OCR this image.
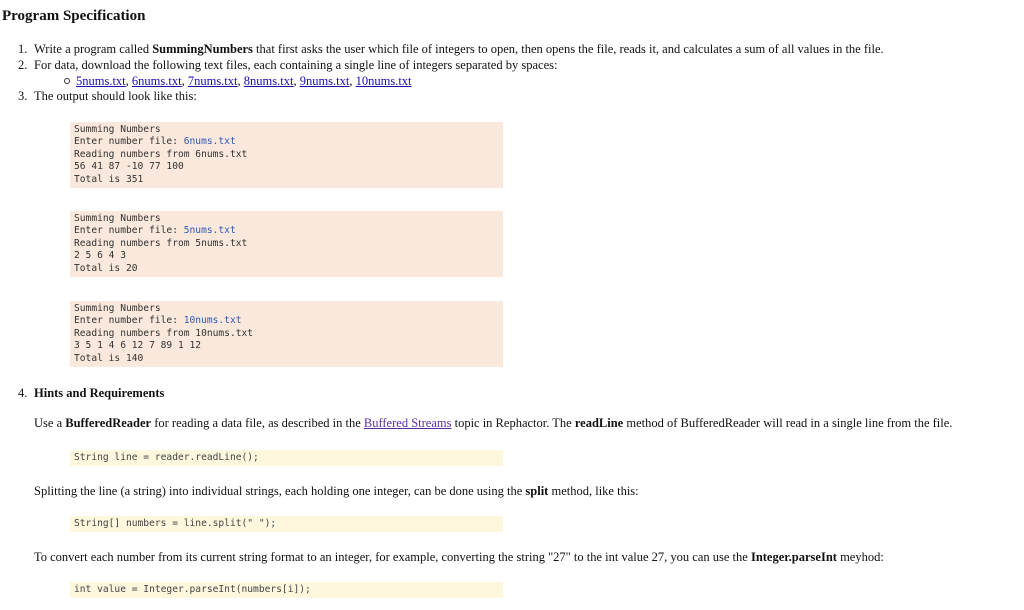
Program Specification
1. Write a program called SummingNumbers that first asks the user which file of integers to open, then opens the file, reads it, and calculates a sum of all values in the file.
2. For data, download the following text files, each containing a single line of integers separated by spaces:
5nums.txt, 6nums.txt, 7nums.txt, 8nums.txt, 9nums.txt, 10nums.txt
3. The output should look like this:
Summing Numbers
Enter number file: 6nums.txt
Reading numbers from 6nums.txt
56 41 87 -10 77 100
Total is 351
Summing Numbers
Enter number file: 5nums.txt
Reading numbers from 5nums.txt
2 5 6 4 3
Total is 20
Summing Numbers
Enter number file: 10nums.txt
Reading numbers from 10nums.txt
3 5 1 4 6 12 7 89 1 12
Total is 140
4. Hints and Requirements
Use a BufferedReader for reading a data file, as described in the Buffered Streams topic in Rephactor. The readLine method of BufferedReader will read in a single line from the file.
String line = reader.readLine();
Splitting the line (a string) into individual strings, each holding one integer, can be done using the split method, like this:
String[] numbers = line.split(" ");
To convert each number from its current string format to an integer, for example, converting the string "27" to the int value 27, you can use the Integer.parseInt meyhod:
int value = Integer.parseInt(numbers[i]);
